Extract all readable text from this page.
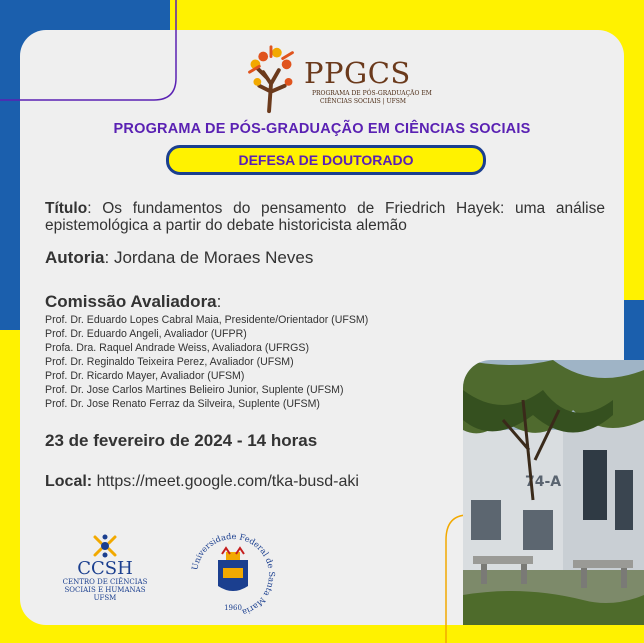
PPGCS
PROGRAMA DE PÓS-GRADUAÇÃO EM
CIÊNCIAS SOCIAIS | UFSM
PROGRAMA DE PÓS-GRADUAÇÃO EM CIÊNCIAS SOCIAIS
DEFESA DE DOUTORADO
Título: Os fundamentos do pensamento de Friedrich Hayek: uma análise epistemológica a partir do debate historicista alemão
Autoria: Jordana de Moraes Neves
Comissão Avaliadora:
Prof. Dr. Eduardo Lopes Cabral Maia, Presidente/Orientador (UFSM)
Prof. Dr. Eduardo Angeli, Avaliador (UFPR)
Profa. Dra. Raquel Andrade Weiss, Avaliadora (UFRGS)
Prof. Dr. Reginaldo Teixeira Perez, Avaliador (UFSM)
Prof. Dr. Ricardo Mayer, Avaliador (UFSM)
Prof. Dr. Jose Carlos Martines Belieiro Junior, Suplente (UFSM)
Prof. Dr. Jose Renato Ferraz da Silveira, Suplente (UFSM)
23 de fevereiro de 2024 - 14 horas
Local: https://meet.google.com/tka-busd-aki
CCSH
CENTRO DE CIÊNCIAS
SOCIAIS E HUMANAS
UFSM
Universidade Federal de Santa Maria
1960
74-A
